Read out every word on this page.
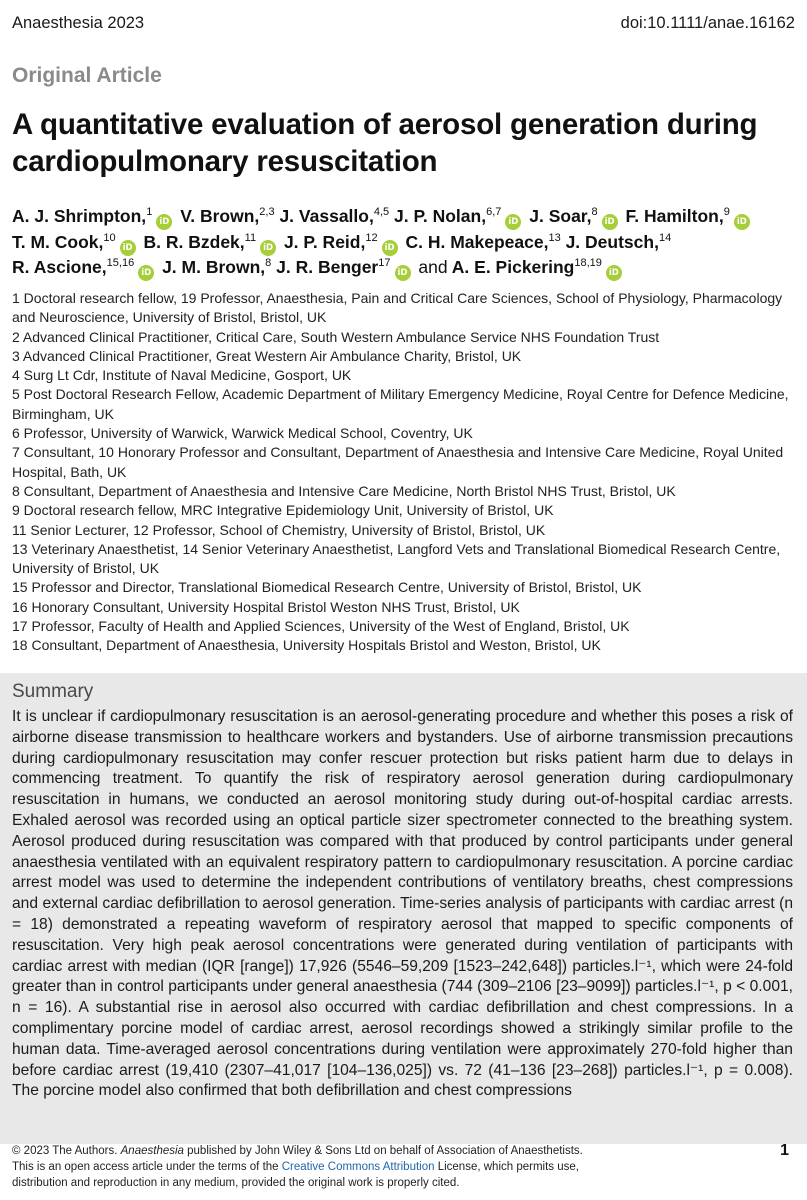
Anaesthesia 2023	doi:10.1111/anae.16162
Original Article
A quantitative evaluation of aerosol generation during cardiopulmonary resuscitation
A. J. Shrimpton,$^1$iD V. Brown,$^{2,3}$ J. Vassallo,$^{4,5}$ J. P. Nolan,$^{6,7}$iD J. Soar,$^8$iD F. Hamilton,$^9$iD
T. M. Cook,$^{10}$iD B. R. Bzdek,$^{11}$iD J. P. Reid,$^{12}$iD C. H. Makepeace,$^{13}$ J. Deutsch,$^{14}$
R. Ascione,$^{15,16}$iD J. M. Brown,$^8$ J. R. Benger$^{17}$iD and A. E. Pickering$^{18,19}$iD
1 Doctoral research fellow, 19 Professor, Anaesthesia, Pain and Critical Care Sciences, School of Physiology, Pharmacology and Neuroscience, University of Bristol, Bristol, UK
2 Advanced Clinical Practitioner, Critical Care, South Western Ambulance Service NHS Foundation Trust
3 Advanced Clinical Practitioner, Great Western Air Ambulance Charity, Bristol, UK
4 Surg Lt Cdr, Institute of Naval Medicine, Gosport, UK
5 Post Doctoral Research Fellow, Academic Department of Military Emergency Medicine, Royal Centre for Defence Medicine, Birmingham, UK
6 Professor, University of Warwick, Warwick Medical School, Coventry, UK
7 Consultant, 10 Honorary Professor and Consultant, Department of Anaesthesia and Intensive Care Medicine, Royal United Hospital, Bath, UK
8 Consultant, Department of Anaesthesia and Intensive Care Medicine, North Bristol NHS Trust, Bristol, UK
9 Doctoral research fellow, MRC Integrative Epidemiology Unit, University of Bristol, UK
11 Senior Lecturer, 12 Professor, School of Chemistry, University of Bristol, Bristol, UK
13 Veterinary Anaesthetist, 14 Senior Veterinary Anaesthetist, Langford Vets and Translational Biomedical Research Centre, University of Bristol, UK
15 Professor and Director, Translational Biomedical Research Centre, University of Bristol, Bristol, UK
16 Honorary Consultant, University Hospital Bristol Weston NHS Trust, Bristol, UK
17 Professor, Faculty of Health and Applied Sciences, University of the West of England, Bristol, UK
18 Consultant, Department of Anaesthesia, University Hospitals Bristol and Weston, Bristol, UK
Summary

It is unclear if cardiopulmonary resuscitation is an aerosol-generating procedure and whether this poses a risk of airborne disease transmission to healthcare workers and bystanders. Use of airborne transmission precautions during cardiopulmonary resuscitation may confer rescuer protection but risks patient harm due to delays in commencing treatment. To quantify the risk of respiratory aerosol generation during cardiopulmonary resuscitation in humans, we conducted an aerosol monitoring study during out-of-hospital cardiac arrests. Exhaled aerosol was recorded using an optical particle sizer spectrometer connected to the breathing system. Aerosol produced during resuscitation was compared with that produced by control participants under general anaesthesia ventilated with an equivalent respiratory pattern to cardiopulmonary resuscitation. A porcine cardiac arrest model was used to determine the independent contributions of ventilatory breaths, chest compressions and external cardiac defibrillation to aerosol generation. Time-series analysis of participants with cardiac arrest (n = 18) demonstrated a repeating waveform of respiratory aerosol that mapped to specific components of resuscitation. Very high peak aerosol concentrations were generated during ventilation of participants with cardiac arrest with median (IQR [range]) 17,926 (5546–59,209 [1523–242,648]) particles.l⁻¹, which were 24-fold greater than in control participants under general anaesthesia (744 (309–2106 [23–9099]) particles.l⁻¹, p < 0.001, n = 16). A substantial rise in aerosol also occurred with cardiac defibrillation and chest compressions. In a complimentary porcine model of cardiac arrest, aerosol recordings showed a strikingly similar profile to the human data. Time-averaged aerosol concentrations during ventilation were approximately 270-fold higher than before cardiac arrest (19,410 (2307–41,017 [104–136,025]) vs. 72 (41–136 [23–268]) particles.l⁻¹, p = 0.008). The porcine model also confirmed that both defibrillation and chest compressions

© 2023 The Authors. Anaesthesia published by John Wiley & Sons Ltd on behalf of Association of Anaesthetists.

This is an open access article under the terms of the Creative Commons Attribution License, which permits use,

distribution and reproduction in any medium, provided the original work is properly cited.

1
